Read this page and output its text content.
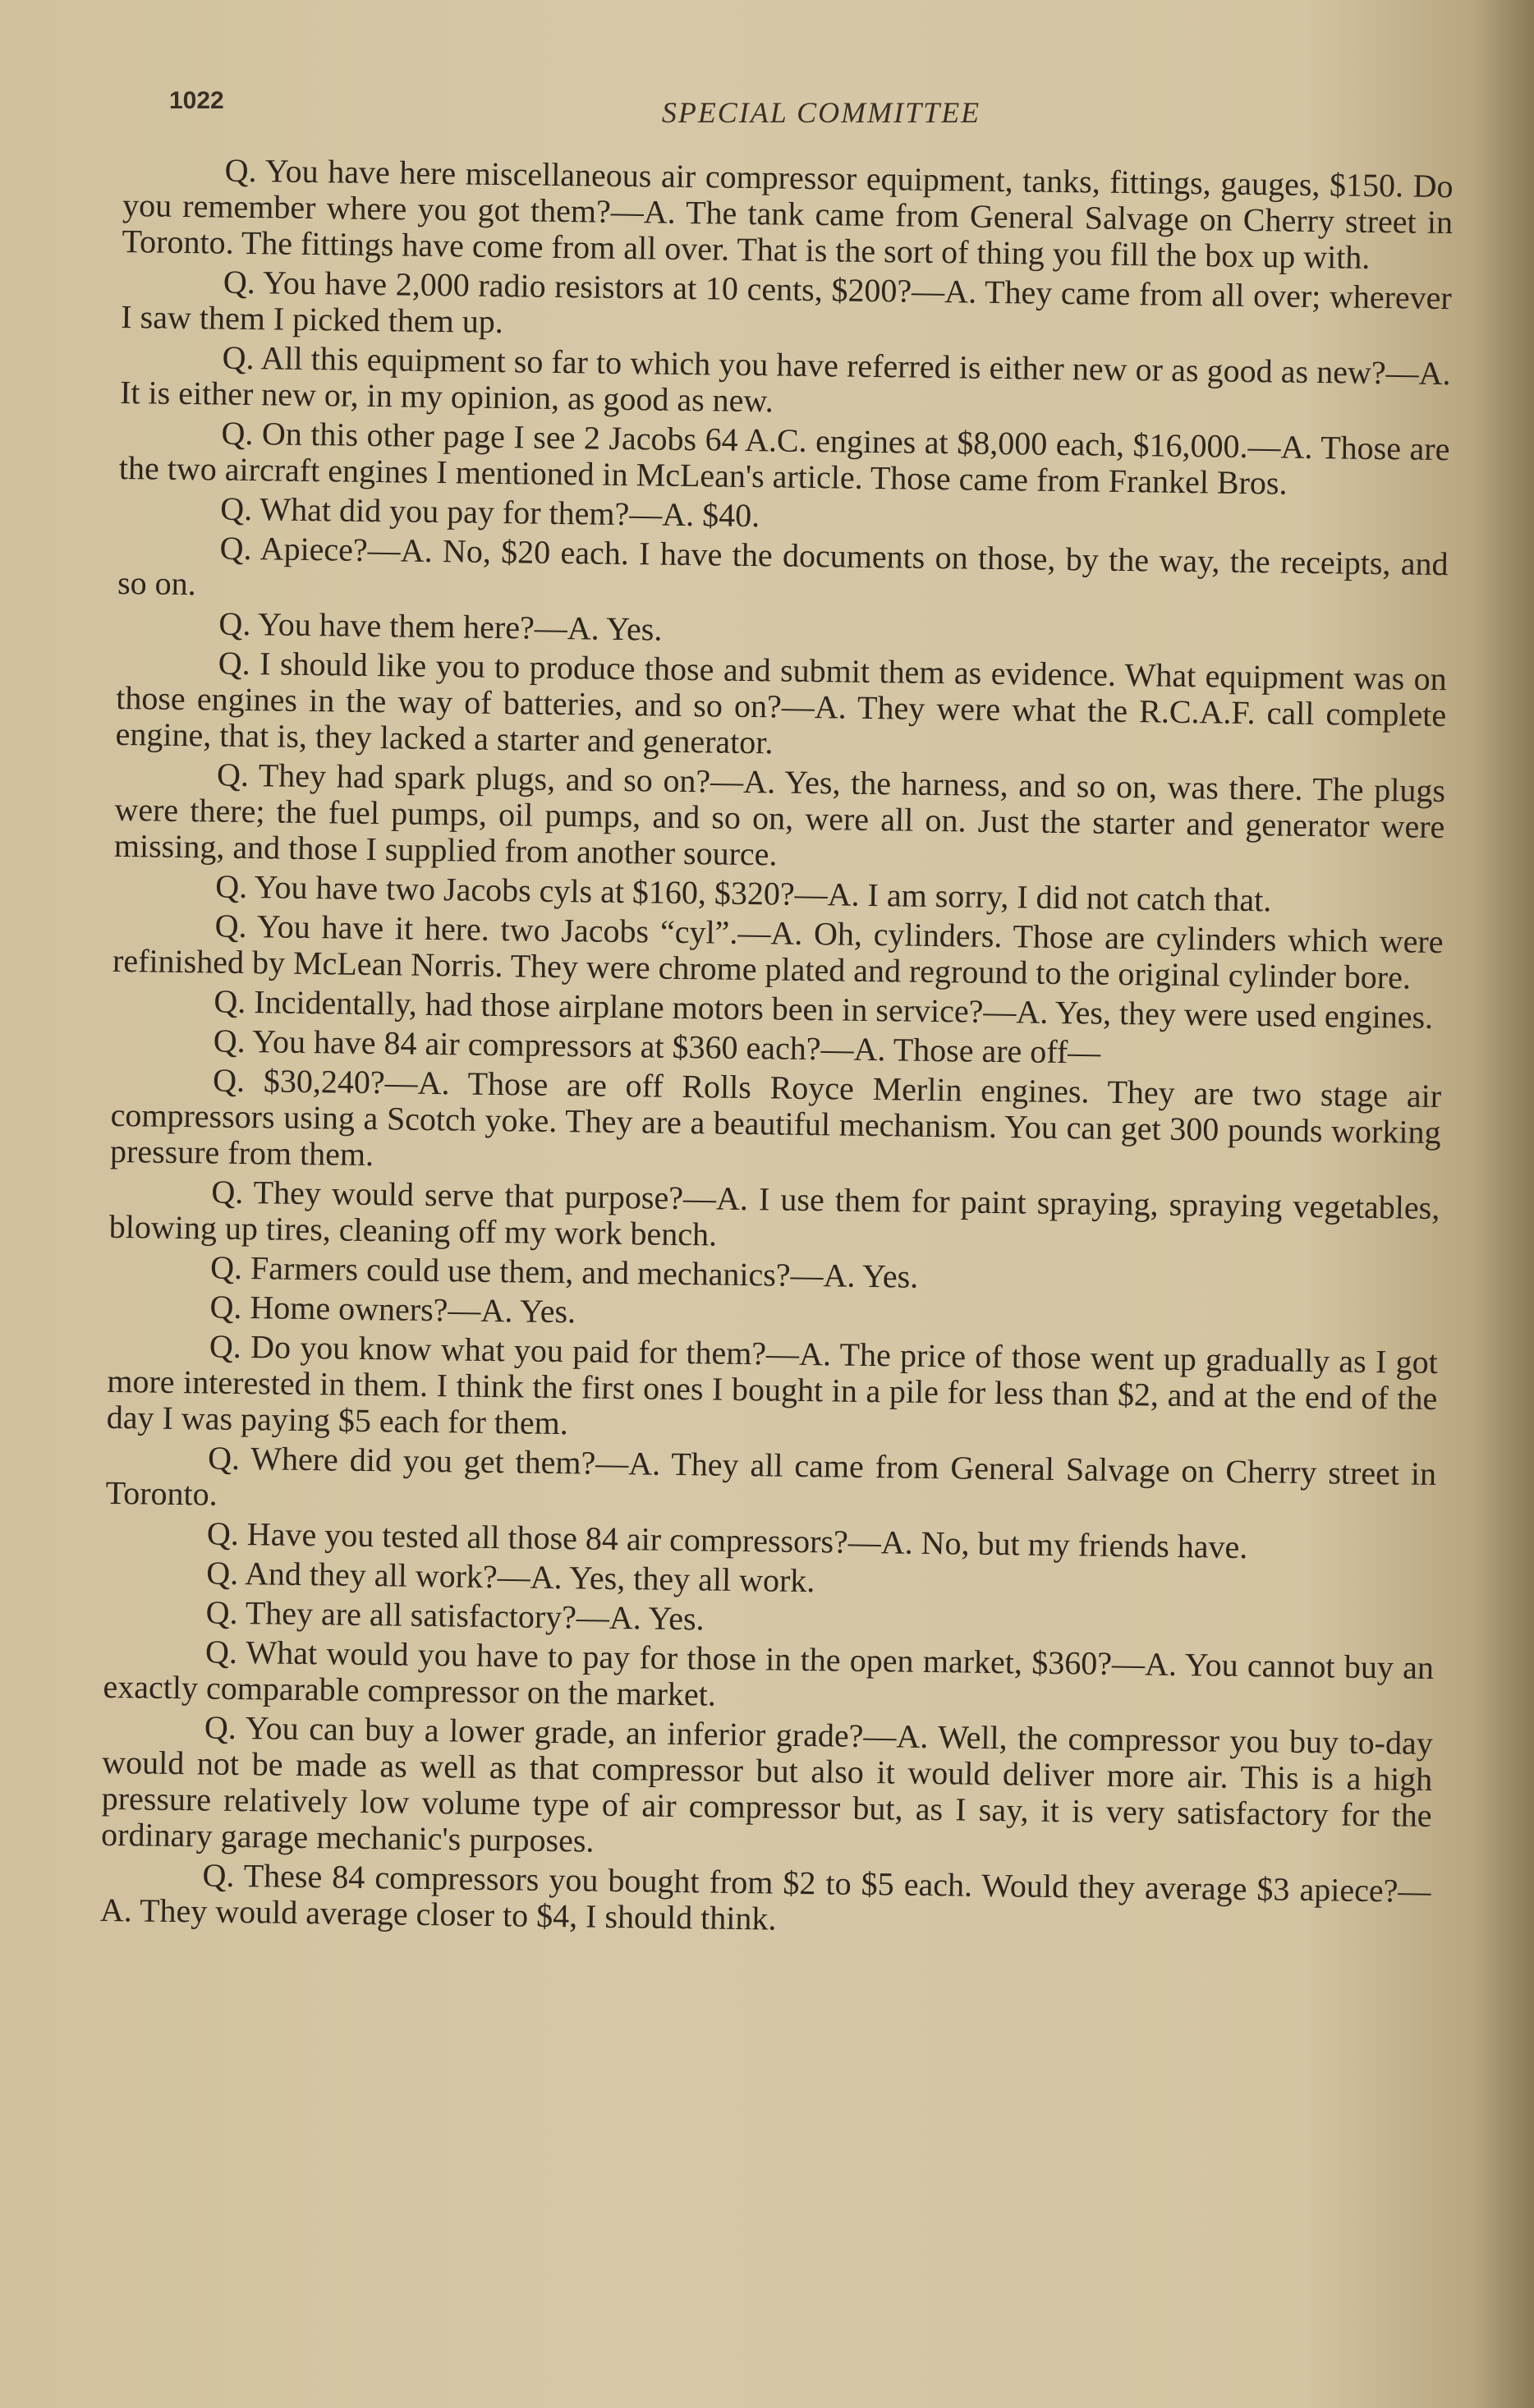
1022	SPECIAL COMMITTEE

Q. You have here miscellaneous air compressor equipment, tanks, fittings, gauges, $150. Do you remember where you got them?—A. The tank came from General Salvage on Cherry street in Toronto. The fittings have come from all over. That is the sort of thing you fill the box up with.

Q. You have 2,000 radio resistors at 10 cents, $200?—A. They came from all over; wherever I saw them I picked them up.

Q. All this equipment so far to which you have referred is either new or as good as new?—A. It is either new or, in my opinion, as good as new.

Q. On this other page I see 2 Jacobs 64 A.C. engines at $8,000 each, $16,000.—A. Those are the two aircraft engines I mentioned in McLean's article. Those came from Frankel Bros.

Q. What did you pay for them?—A. $40.

Q. Apiece?—A. No, $20 each. I have the documents on those, by the way, the receipts, and so on.

Q. You have them here?—A. Yes.

Q. I should like you to produce those and submit them as evidence. What equipment was on those engines in the way of batteries, and so on?—A. They were what the R.C.A.F. call complete engine, that is, they lacked a starter and generator.

Q. They had spark plugs, and so on?—A. Yes, the harness, and so on, was there. The plugs were there; the fuel pumps, oil pumps, and so on, were all on. Just the starter and generator were missing, and those I supplied from another source.

Q. You have two Jacobs cyls at $160, $320?—A. I am sorry, I did not catch that.

Q. You have it here. two Jacobs “cyl”.—A. Oh, cylinders. Those are cylinders which were refinished by McLean Norris. They were chrome plated and reground to the original cylinder bore.

Q. Incidentally, had those airplane motors been in service?—A. Yes, they were used engines.

Q. You have 84 air compressors at $360 each?—A. Those are off—

Q. $30,240?—A. Those are off Rolls Royce Merlin engines. They are two stage air compressors using a Scotch yoke. They are a beautiful mechanism. You can get 300 pounds working pressure from them.

Q. They would serve that purpose?—A. I use them for paint spraying, spraying vegetables, blowing up tires, cleaning off my work bench.

Q. Farmers could use them, and mechanics?—A. Yes.

Q. Home owners?—A. Yes.

Q. Do you know what you paid for them?—A. The price of those went up gradually as I got more interested in them. I think the first ones I bought in a pile for less than $2, and at the end of the day I was paying $5 each for them.

Q. Where did you get them?—A. They all came from General Salvage on Cherry street in Toronto.

Q. Have you tested all those 84 air compressors?—A. No, but my friends have.

Q. And they all work?—A. Yes, they all work.

Q. They are all satisfactory?—A. Yes.

Q. What would you have to pay for those in the open market, $360?—A. You cannot buy an exactly comparable compressor on the market.

Q. You can buy a lower grade, an inferior grade?—A. Well, the compressor you buy to-day would not be made as well as that compressor but also it would deliver more air. This is a high pressure relatively low volume type of air compressor but, as I say, it is very satisfactory for the ordinary garage mechanic's purposes.

Q. These 84 compressors you bought from $2 to $5 each. Would they average $3 apiece?—A. They would average closer to $4, I should think.
